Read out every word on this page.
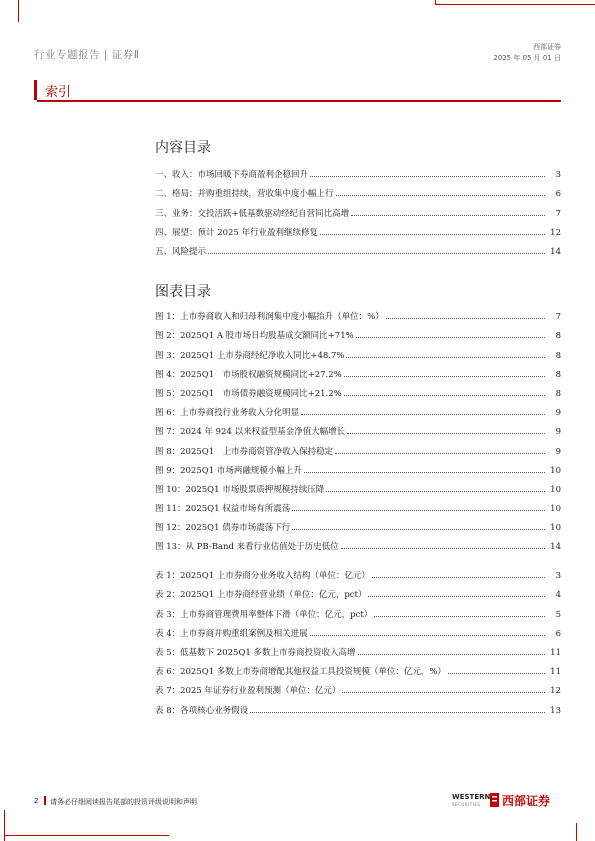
行业专题报告 | 证券Ⅱ
西部证券
2025 年 05 月 01 日
索引
内容目录
一、收入：市场回暖下券商盈利企稳回升	3
二、格局：并购重组持续，营收集中度小幅上行	6
三、业务：交投活跃+低基数驱动经纪自营同比高增	7
四、展望：预计 2025 年行业盈利继续修复	12
五、风险提示	14
图表目录
图 1：上市券商收入和归母利润集中度小幅抬升（单位：%）	7
图 2：2025Q1 A 股市场日均股基成交额同比+71%	8
图 3：2025Q1 上市券商经纪净收入同比+48.7%	8
图 4：2025Q1　市场股权融资规模同比+27.2%	8
图 5：2025Q1　市场债券融资规模同比+21.2%	8
图 6：上市券商投行业务收入分化明显	9
图 7：2024 年 924 以来权益型基金净值大幅增长	9
图 8：2025Q1　上市券商资管净收入保持稳定	9
图 9：2025Q1 市场两融规模小幅上升	10
图 10：2025Q1 市场股票质押规模持续压降	10
图 11：2025Q1 权益市场有所震荡	10
图 12：2025Q1 债券市场震荡下行	10
图 13：从 PB-Band 来看行业估值处于历史低位	14
表 1：2025Q1 上市券商分业务收入结构（单位：亿元）	3
表 2：2025Q1 上市券商经营业绩（单位：亿元，pct）	4
表 3：上市券商管理费用率整体下滑（单位：亿元，pct）	5
表 4：上市券商并购重组案例及相关进展	6
表 5：低基数下 2025Q1 多数上市券商投资收入高增	11
表 6：2025Q1 多数上市券商增配其他权益工具投资规模（单位：亿元，%）	11
表 7：2025 年证券行业盈利预测（单位：亿元）	12
表 8：各项核心业务假设	13
2 请务必仔细阅读报告尾部的投资评级说明和声明
WESTERN
SECURITIES 西部证券
